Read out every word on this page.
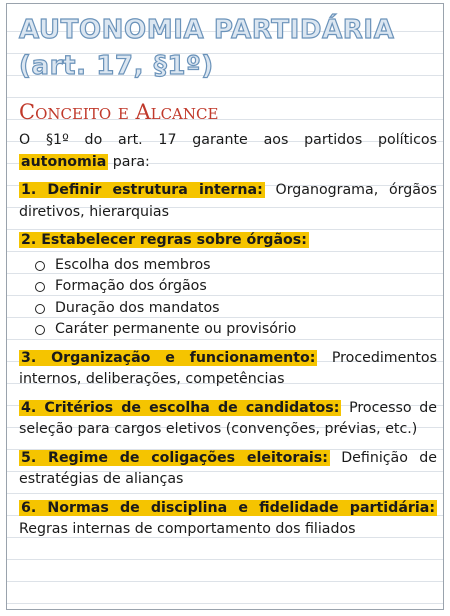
AUTONOMIA PARTIDÁRIA (art. 17, §1º)
Conceito e Alcance

O §1º do art. 17 garante aos partidos políticos autonomia para:

1. Definir estrutura interna: Organograma, órgãos diretivos, hierarquias

2. Estabelecer regras sobre órgãos:

Escolha dos membros
Formação dos órgãos
Duração dos mandatos
Caráter permanente ou provisório

3. Organização e funcionamento: Procedimentos internos, deliberações, competências

4. Critérios de escolha de candidatos: Processo de seleção para cargos eletivos (convenções, prévias, etc.)

5. Regime de coligações eleitorais: Definição de estratégias de alianças

6. Normas de disciplina e fidelidade partidária: Regras internas de comportamento dos filiados
